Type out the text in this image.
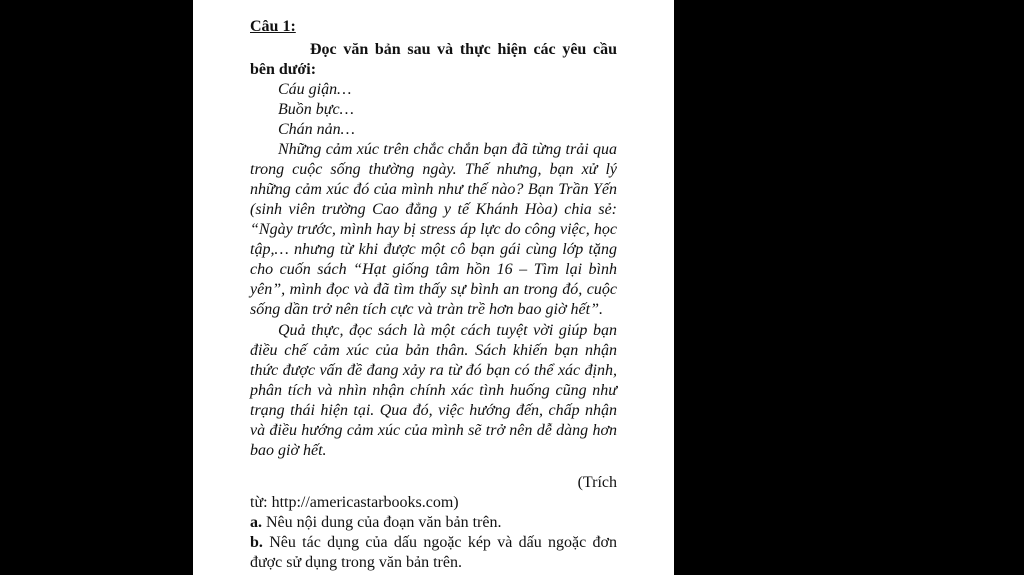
Câu 1:

Đọc văn bản sau và thực hiện các yêu cầu bên dưới:

Cáu giận…

Buồn bực…

Chán nản…

Những cảm xúc trên chắc chắn bạn đã từng trải qua trong cuộc sống thường ngày. Thế nhưng, bạn xử lý những cảm xúc đó của mình như thế nào? Bạn Trần Yến (sinh viên trường Cao đẳng y tế Khánh Hòa) chia sẻ: “Ngày trước, mình hay bị stress áp lực do công việc, học tập,… nhưng từ khi được một cô bạn gái cùng lớp tặng cho cuốn sách “Hạt giống tâm hồn 16 – Tìm lại bình yên”, mình đọc và đã tìm thấy sự bình an trong đó, cuộc sống dần trở nên tích cực và tràn trề hơn bao giờ hết”.

Quả thực, đọc sách là một cách tuyệt vời giúp bạn điều chế cảm xúc của bản thân. Sách khiến bạn nhận thức được vấn đề đang xảy ra từ đó bạn có thể xác định, phân tích và nhìn nhận chính xác tình huống cũng như trạng thái hiện tại. Qua đó, việc hướng đến, chấp nhận và điều hướng cảm xúc của mình sẽ trở nên dễ dàng hơn bao giờ hết.

(Trích

từ: http://americastarbooks.com)

a. Nêu nội dung của đoạn văn bản trên.

b. Nêu tác dụng của dấu ngoặc kép và dấu ngoặc đơn được sử dụng trong văn bản trên.
